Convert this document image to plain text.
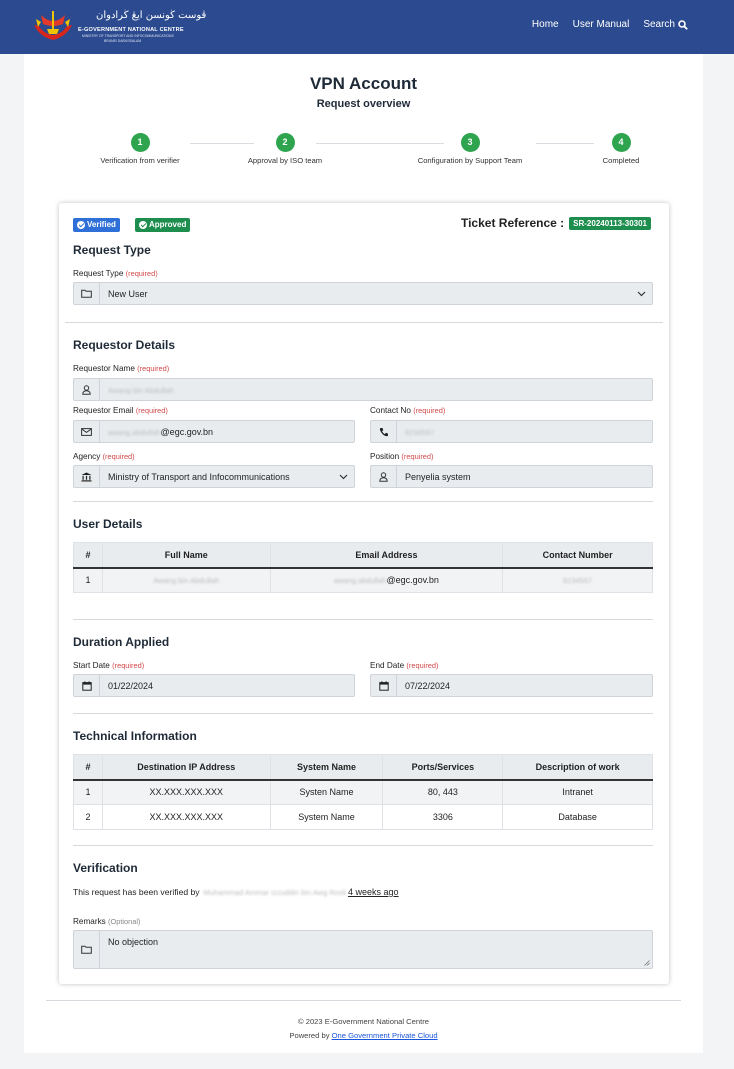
ڤوست ڬونسن ايڠ ڬرادوان
E-GOVERNMENT NATIONAL CENTRE
MINISTRY OF TRANSPORT AND INFOCOMMUNICATIONS
BRUNEI DARUSSALAM
Home User Manual Search
VPN Account
Request overview
1
Verification from verifier
2
Approval by ISO team
3
Configuration by Support Team
4
Completed
Verified	Approved	Ticket Reference :	SR-20240113-30301
Request Type
Request Type (required)
New User
Requestor Details
Requestor Name (required)
Awang bin Abdullah
Requestor Email (required)
awang.abdullah@egc.gov.bn
Contact No (required)
8234567
Agency (required)
Ministry of Transport and Infocommunications
Position (required)
Penyelia system
User Details
#	Full Name	Email Address	Contact Number
1	Awang bin Abdullah	awang.abdullah@egc.gov.bn	8234567
Duration Applied
Start Date (required)
01/22/2024
End Date (required)
07/22/2024
Technical Information
#	Destination IP Address	System Name	Ports/Services	Description of work
1	XX.XXX.XXX.XXX	Systen Name	80, 443	Intranet
2	XX.XXX.XXX.XXX	System Name	3306	Database
Verification
This request has been verified by Muhammad Ammar Izzuddin bin Awg Rosli 4 weeks ago
Remarks (Optional)
No objection
© 2023 E-Government National Centre
Powered by One Government Private Cloud
